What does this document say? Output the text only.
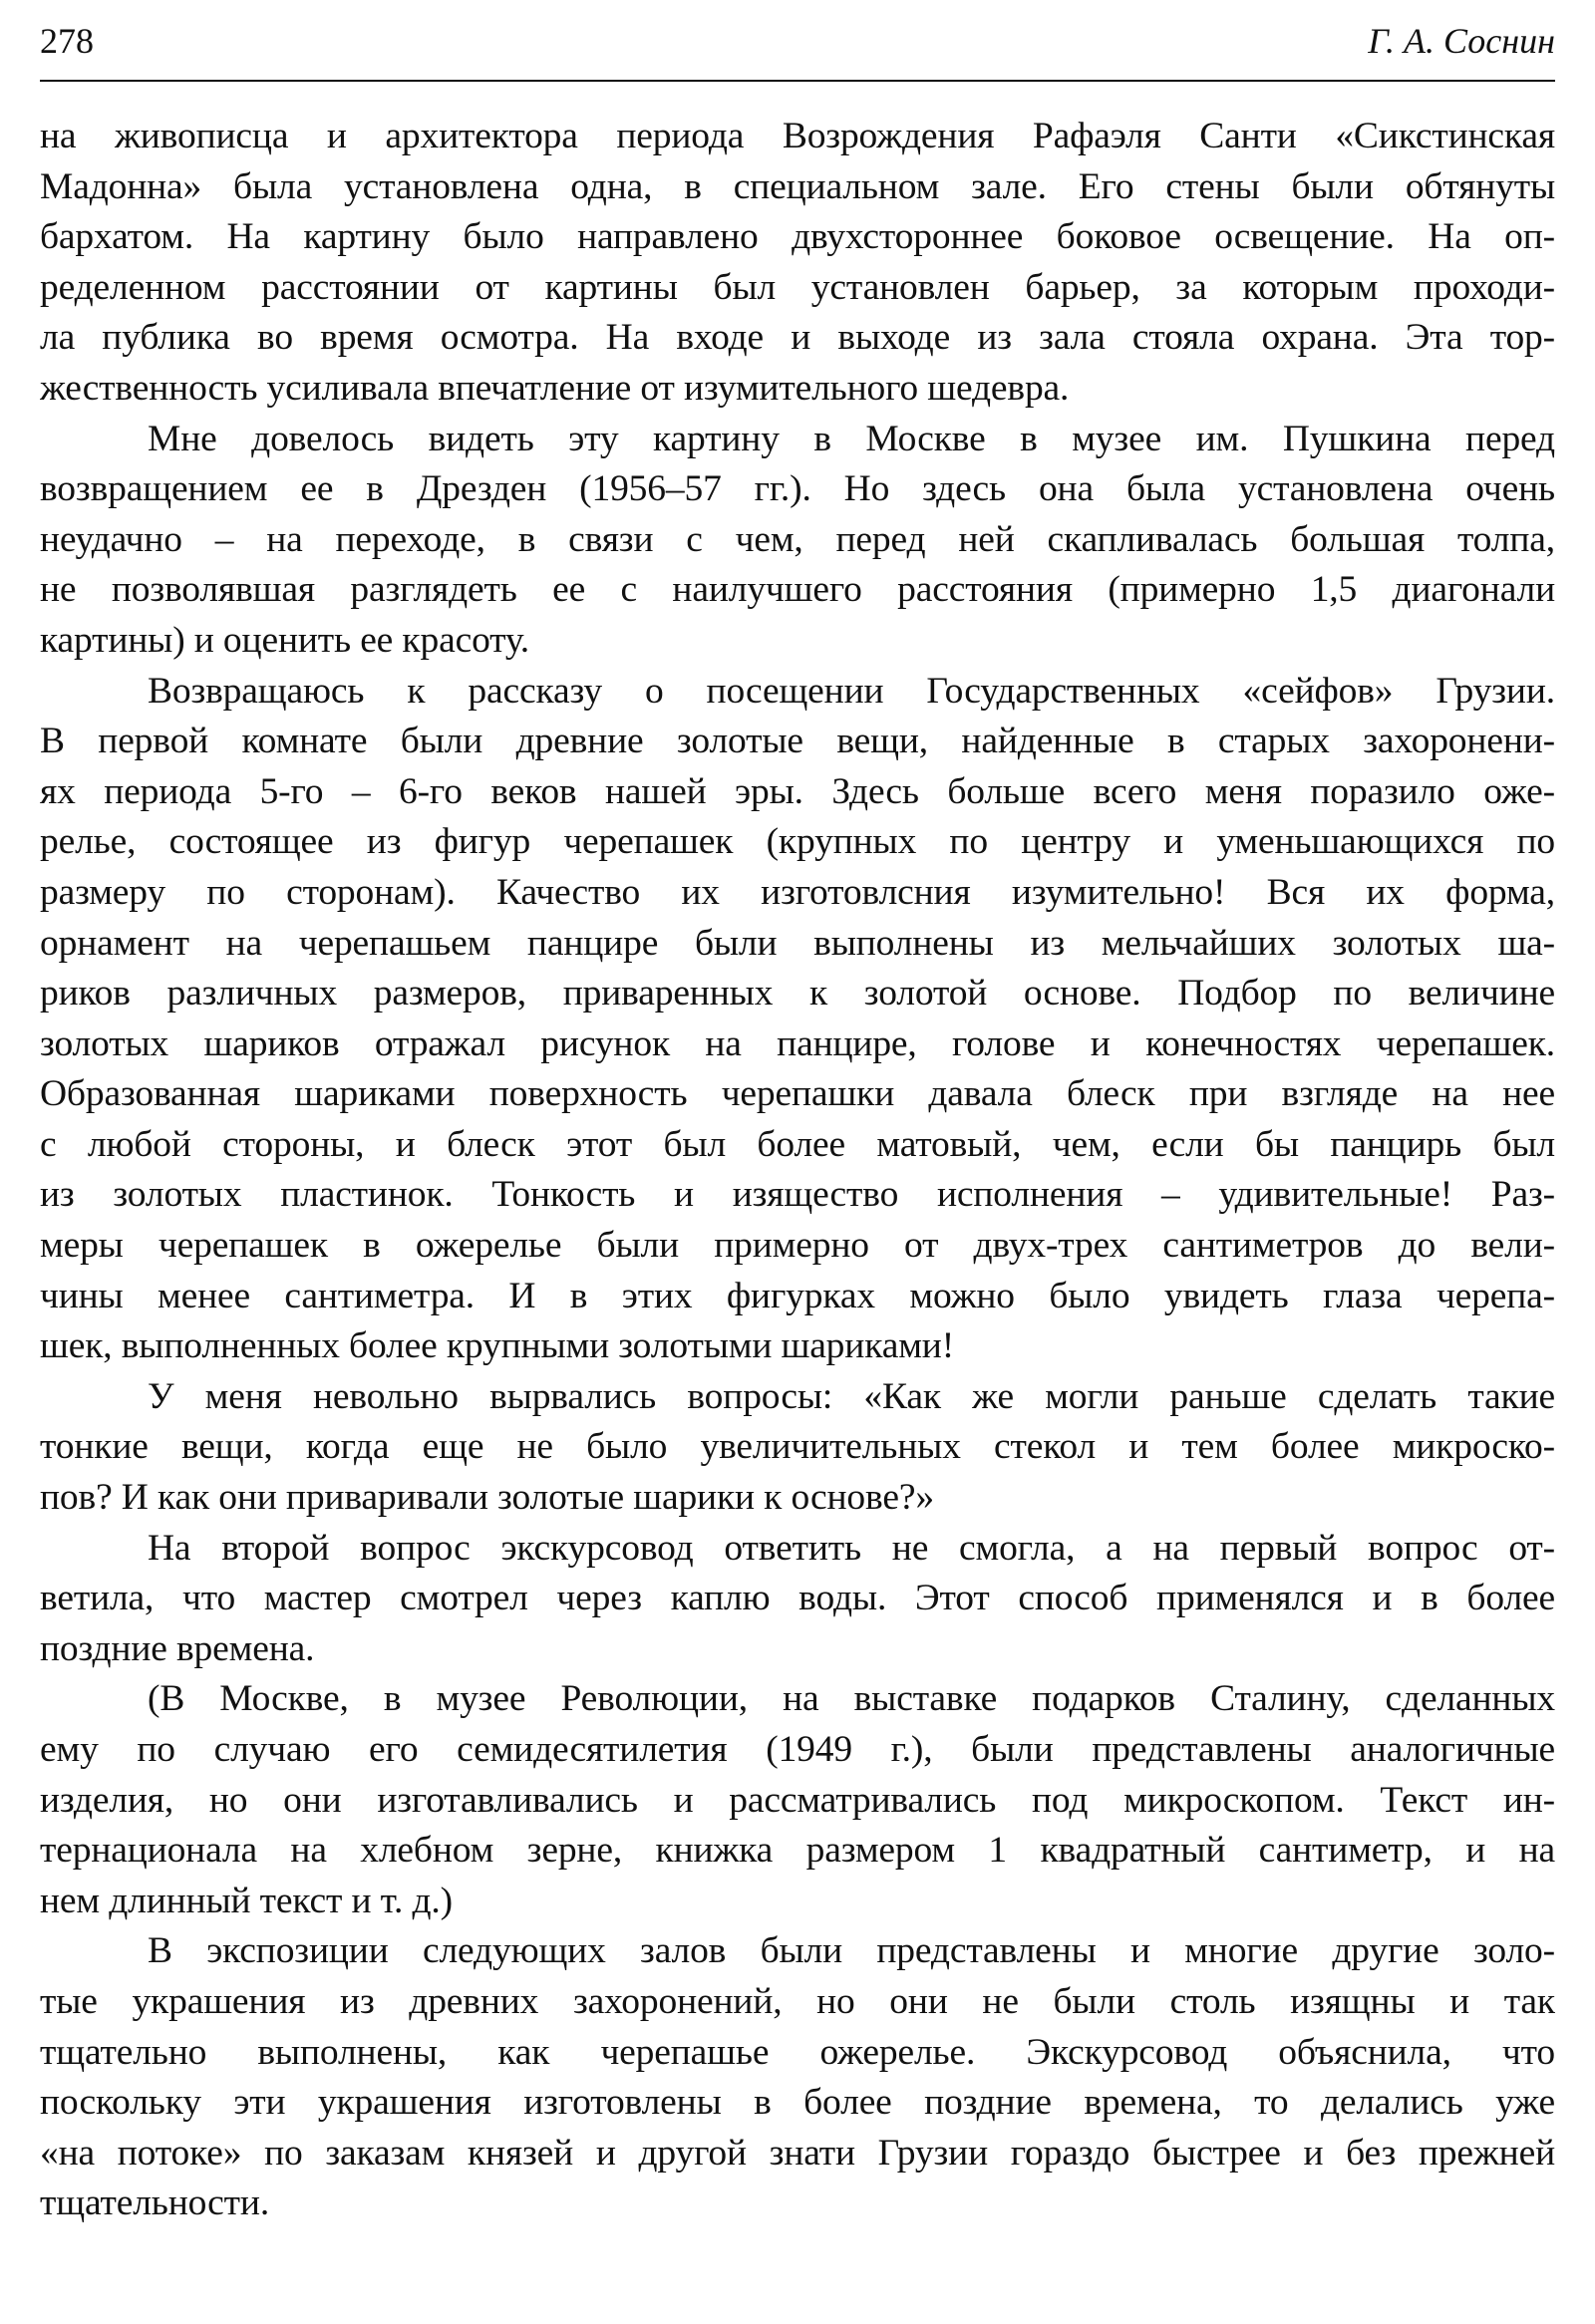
278	Г. А. Соснин
на живописца и архитектора периода Возрождения Рафаэля Санти «Сикстинская
Мадонна» была установлена одна, в специальном зале. Его стены были обтянуты
бархатом. На картину было направлено двухстороннее боковое освещение. На оп-
ределенном расстоянии от картины был установлен барьер, за которым проходи-
ла публика во время осмотра. На входе и выходе из зала стояла охрана. Эта тор-
жественность усиливала впечатление от изумительного шедевра.
Мне довелось видеть эту картину в Москве в музее им. Пушкина перед
возвращением ее в Дрезден (1956–57 гг.). Но здесь она была установлена очень
неудачно – на переходе, в связи с чем, перед ней скапливалась большая толпа,
не позволявшая разглядеть ее с наилучшего расстояния (примерно 1,5 диагонали
картины) и оценить ее красоту.
Возвращаюсь к рассказу о посещении Государственных «сейфов» Грузии.
В первой комнате были древние золотые вещи, найденные в старых захоронени-
ях периода 5-го – 6-го веков нашей эры. Здесь больше всего меня поразило оже-
релье, состоящее из фигур черепашек (крупных по центру и уменьшающихся по
размеру по сторонам). Качество их изготовлсния изумительно! Вся их форма,
орнамент на черепашьем панцире были выполнены из мельчайших золотых ша-
риков различных размеров, приваренных к золотой основе. Подбор по величине
золотых шариков отражал рисунок на панцире, голове и конечностях черепашек.
Образованная шариками поверхность черепашки давала блеск при взгляде на нее
с любой стороны, и блеск этот был более матовый, чем, если бы панцирь был
из золотых пластинок. Тонкость и изящество исполнения – удивительные! Раз-
меры черепашек в ожерелье были примерно от двух-трех сантиметров до вели-
чины менее сантиметра. И в этих фигурках можно было увидеть глаза черепа-
шек, выполненных более крупными золотыми шариками!
У меня невольно вырвались вопросы: «Как же могли раньше сделать такие
тонкие вещи, когда еще не было увеличительных стекол и тем более микроско-
пов? И как они приваривали золотые шарики к основе?»
На второй вопрос экскурсовод ответить не смогла, а на первый вопрос от-
ветила, что мастер смотрел через каплю воды. Этот способ применялся и в более
поздние времена.
(В Москве, в музее Революции, на выставке подарков Сталину, сделанных
ему по случаю его семидесятилетия (1949 г.), были представлены аналогичные
изделия, но они изготавливались и рассматривались под микроскопом. Текст ин-
тернационала на хлебном зерне, книжка размером 1 квадратный сантиметр, и на
нем длинный текст и т. д.)
В экспозиции следующих залов были представлены и многие другие золо-
тые украшения из древних захоронений, но они не были столь изящны и так
тщательно выполнены, как черепашье ожерелье. Экскурсовод объяснила, что
поскольку эти украшения изготовлены в более поздние времена, то делались уже
«на потоке» по заказам князей и другой знати Грузии гораздо быстрее и без прежней
тщательности.
